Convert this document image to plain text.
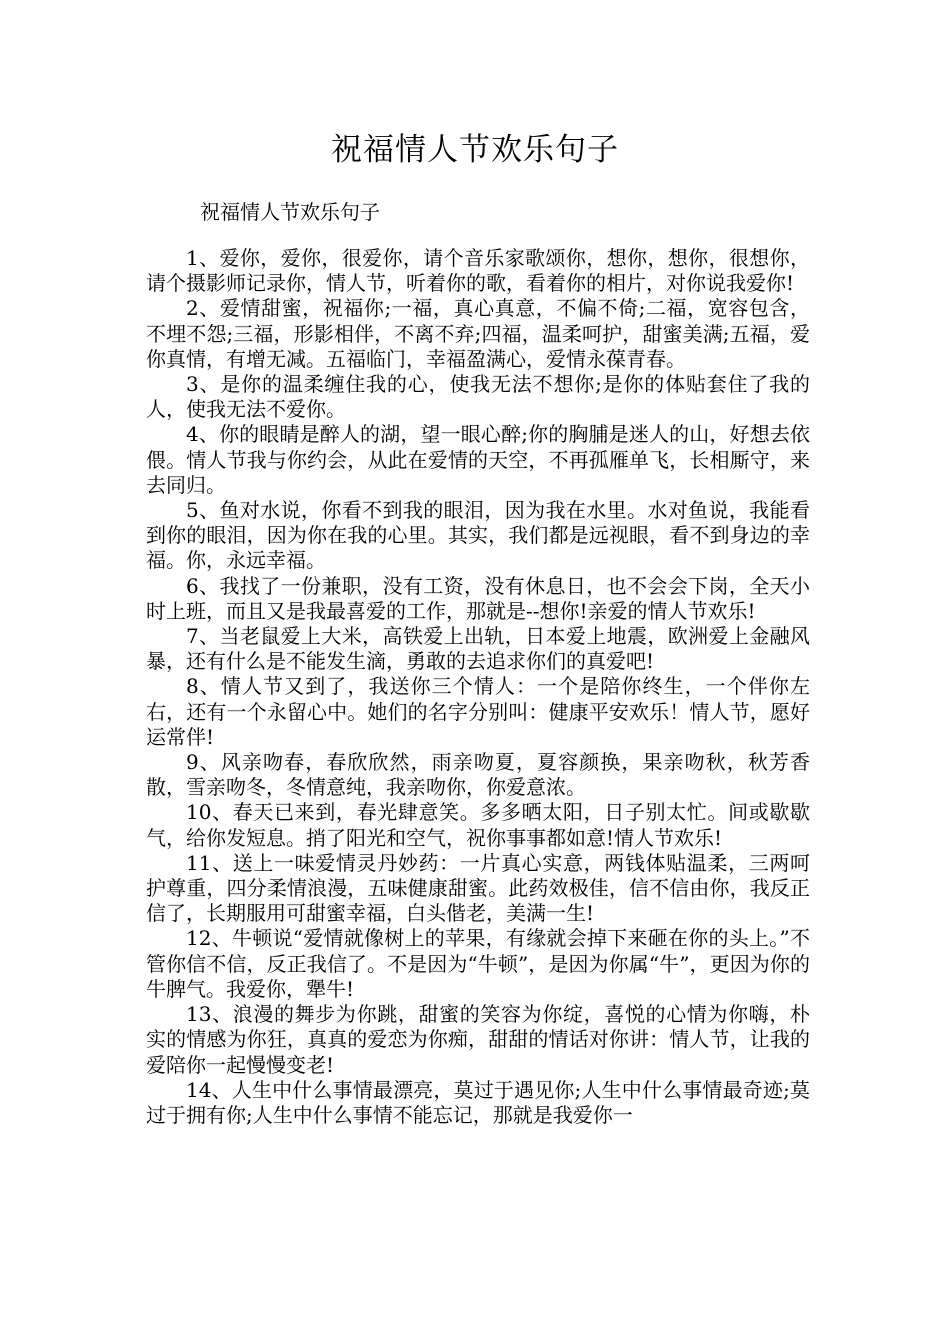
祝福情人节欢乐句子
祝福情人节欢乐句子

1、爱你，爱你，很爱你，请个音乐家歌颂你，想你，想你，很想你，请个摄影师记录你，情人节，听着你的歌，看着你的相片，对你说我爱你!

2、爱情甜蜜，祝福你;一福，真心真意，不偏不倚;二福，宽容包含，不埋不怨;三福，形影相伴，不离不弃;四福，温柔呵护，甜蜜美满;五福，爱你真情，有增无减。五福临门，幸福盈满心，爱情永葆青春。

3、是你的温柔缠住我的心，使我无法不想你;是你的体贴套住了我的人，使我无法不爱你。

4、你的眼睛是醉人的湖，望一眼心醉;你的胸脯是迷人的山，好想去依偎。情人节我与你约会，从此在爱情的天空，不再孤雁单飞，长相厮守，来去同归。

5、鱼对水说，你看不到我的眼泪，因为我在水里。水对鱼说，我能看到你的眼泪，因为你在我的心里。其实，我们都是远视眼，看不到身边的幸福。你，永远幸福。

6、我找了一份兼职，没有工资，没有休息日，也不会会下岗，全天小时上班，而且又是我最喜爱的工作，那就是--想你!亲爱的情人节欢乐!

7、当老鼠爱上大米，高铁爱上出轨，日本爱上地震，欧洲爱上金融风暴，还有什么是不能发生滴，勇敢的去追求你们的真爱吧!

8、情人节又到了，我送你三个情人：一个是陪你终生，一个伴你左右，还有一个永留心中。她们的名字分别叫：健康平安欢乐！情人节，愿好运常伴!

9、风亲吻春，春欣欣然，雨亲吻夏，夏容颜换，果亲吻秋，秋芳香散，雪亲吻冬，冬情意纯，我亲吻你，你爱意浓。

10、春天已来到，春光肆意笑。多多晒太阳，日子别太忙。间或歇歇气，给你发短息。捎了阳光和空气，祝你事事都如意!情人节欢乐!

11、送上一味爱情灵丹妙药：一片真心实意，两钱体贴温柔，三两呵护尊重，四分柔情浪漫，五味健康甜蜜。此药效极佳，信不信由你，我反正信了，长期服用可甜蜜幸福，白头偕老，美满一生!

12、牛顿说“爱情就像树上的苹果，有缘就会掉下来砸在你的头上。”不管你信不信，反正我信了。不是因为“牛顿”，是因为你属“牛”，更因为你的牛脾气。我爱你，犟牛!

13、浪漫的舞步为你跳，甜蜜的笑容为你绽，喜悦的心情为你嗨，朴实的情感为你狂，真真的爱恋为你痴，甜甜的情话对你讲：情人节，让我的爱陪你一起慢慢变老!

14、人生中什么事情最漂亮，莫过于遇见你;人生中什么事情最奇迹;莫过于拥有你;人生中什么事情不能忘记，那就是我爱你一
